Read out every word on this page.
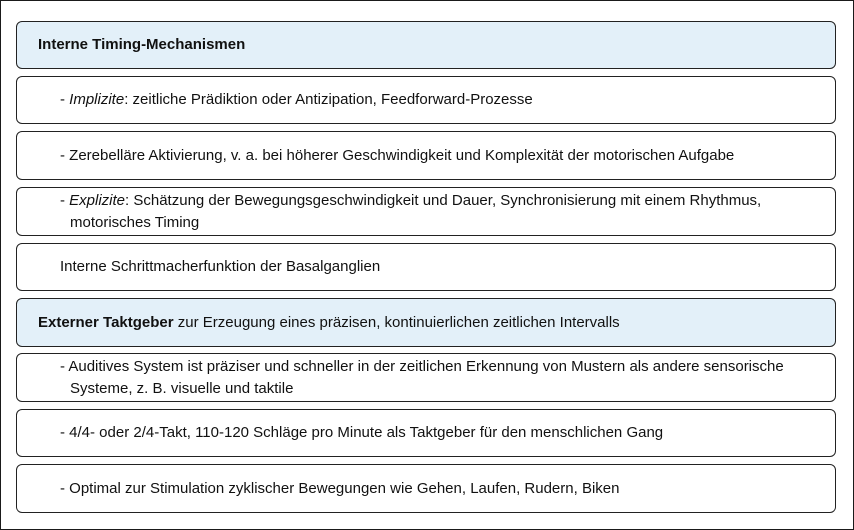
Interne Timing-Mechanismen
- Implizite: zeitliche Prädiktion oder Antizipation, Feedforward-Prozesse
- Zerebelläre Aktivierung, v. a. bei höherer Geschwindigkeit und Komplexität der motorischen Aufgabe
- Explizite: Schätzung der Bewegungsgeschwindigkeit und Dauer, Synchronisierung mit einem Rhythmus, motorisches Timing
Interne Schrittmacherfunktion der Basalganglien
Externer Taktgeber zur Erzeugung eines präzisen, kontinuierlichen zeitlichen Intervalls
- Auditives System ist präziser und schneller in der zeitlichen Erkennung von Mustern als andere sensorische Systeme, z. B. visuelle und taktile
- 4/4- oder 2/4-Takt, 110-120 Schläge pro Minute als Taktgeber für den menschlichen Gang
- Optimal zur Stimulation zyklischer Bewegungen wie Gehen, Laufen, Rudern, Biken
